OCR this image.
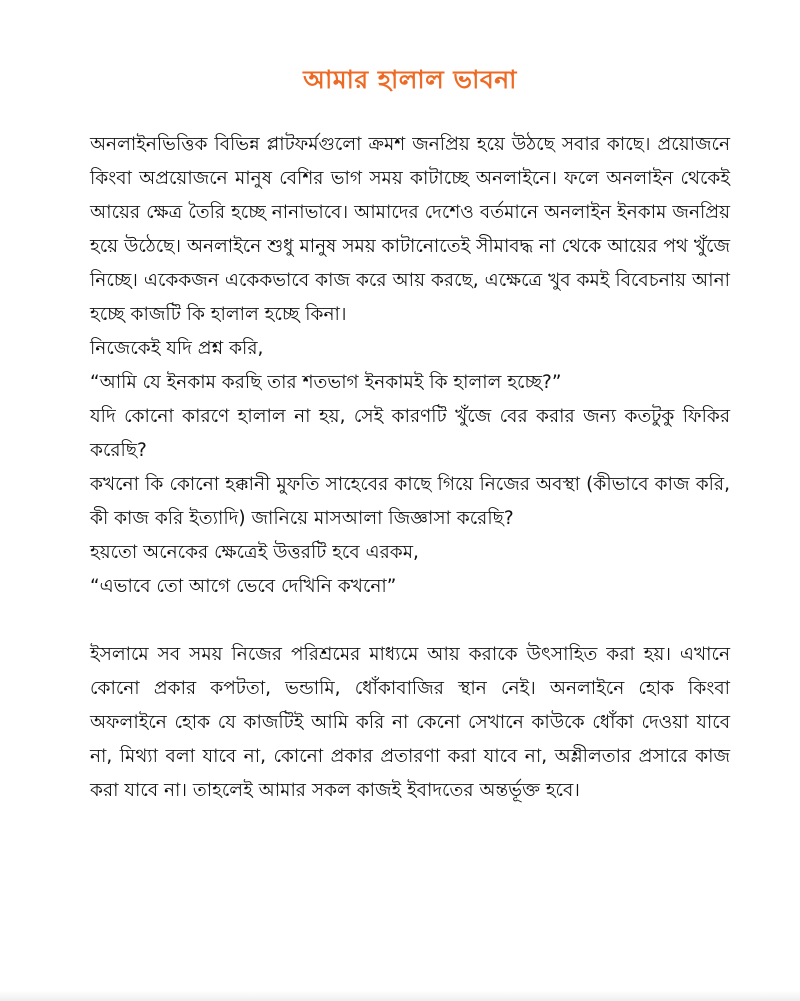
আমার হালাল ভাবনা

অনলাইনভিত্তিক বিভিন্ন প্লাটফর্মগুলো ক্রমশ জনপ্রিয় হয়ে উঠছে সবার কাছে। প্রয়োজনে কিংবা অপ্রয়োজনে মানুষ বেশির ভাগ সময় কাটাচ্ছে অনলাইনে। ফলে অনলাইন থেকেই আয়ের ক্ষেত্র তৈরি হচ্ছে নানাভাবে। আমাদের দেশেও বর্তমানে অনলাইন ইনকাম জনপ্রিয় হয়ে উঠেছে। অনলাইনে শুধু মানুষ সময় কাটানোতেই সীমাবদ্ধ না থেকে আয়ের পথ খুঁজে নিচ্ছে। একেকজন একেকভাবে কাজ করে আয় করছে, এক্ষেত্রে খুব কমই বিবেচনায় আনা হচ্ছে কাজটি কি হালাল হচ্ছে কিনা।

নিজেকেই যদি প্রশ্ন করি,

“আমি যে ইনকাম করছি তার শতভাগ ইনকামই কি হালাল হচ্ছে?”

যদি কোনো কারণে হালাল না হয়, সেই কারণটি খুঁজে বের করার জন্য কতটুকু ফিকির করেছি?

কখনো কি কোনো হক্কানী মুফতি সাহেবের কাছে গিয়ে নিজের অবস্থা (কীভাবে কাজ করি, কী কাজ করি ইত্যাদি) জানিয়ে মাসআলা জিজ্ঞাসা করেছি?

হয়তো অনেকের ক্ষেত্রেই উত্তরটি হবে এরকম,

“এভাবে তো আগে ভেবে দেখিনি কখনো”

ইসলামে সব সময় নিজের পরিশ্রমের মাধ্যমে আয় করাকে উৎসাহিত করা হয়। এখানে কোনো প্রকার কপটতা, ভন্ডামি, ধোঁকাবাজির স্থান নেই। অনলাইনে হোক কিংবা অফলাইনে হোক যে কাজটিই আমি করি না কেনো সেখানে কাউকে ধোঁকা দেওয়া যাবে না, মিথ্যা বলা যাবে না, কোনো প্রকার প্রতারণা করা যাবে না, অশ্লীলতার প্রসারে কাজ করা যাবে না। তাহলেই আমার সকল কাজই ইবাদতের অন্তর্ভূক্ত হবে।
